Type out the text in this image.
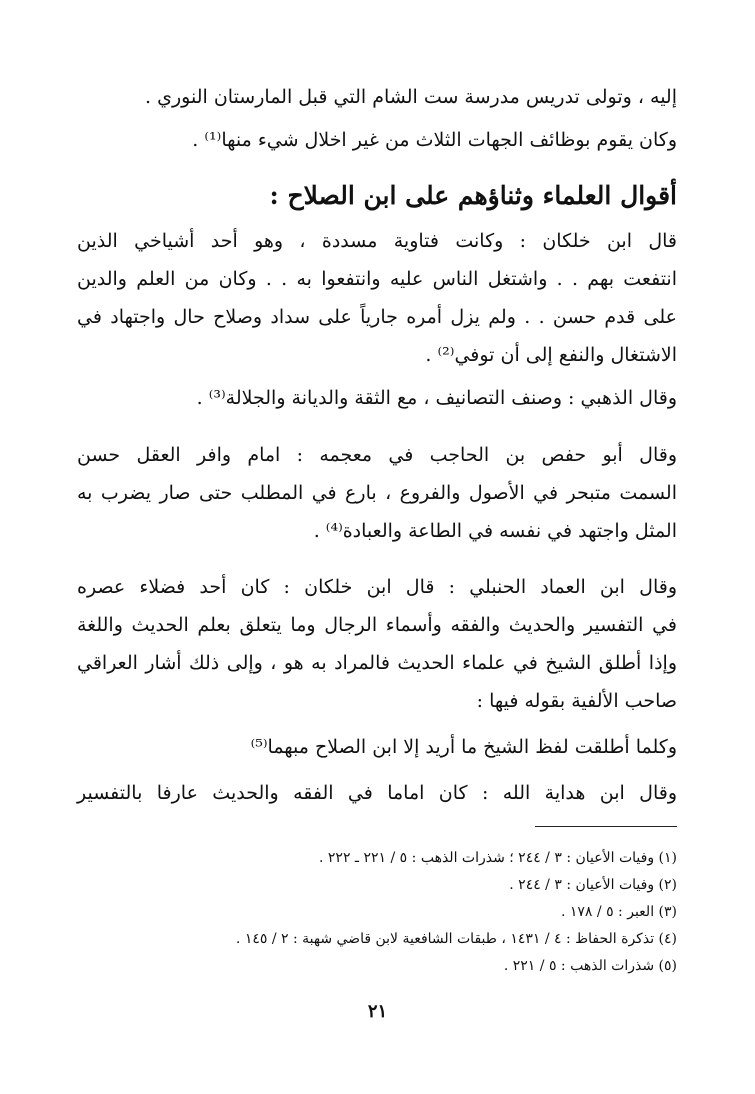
إليه ، وتولى تدريس مدرسة ست الشام التي قبل المارستان النوري .
وكان يقوم بوظائف الجهات الثلاث من غير اخلال شيء منها⁽¹⁾ .
أقوال العلماء وثناؤهم على ابن الصلاح :
قال ابن خلكان : وكانت فتاوية مسددة ، وهو أحد أشياخي الذين
انتفعت بهم . . واشتغل الناس عليه وانتفعوا به . . وكان من العلم والدين
على قدم حسن . . ولم يزل أمره جارياً على سداد وصلاح حال واجتهاد في
الاشتغال والنفع إلى أن توفي⁽²⁾ .
وقال الذهبي : وصنف التصانيف ، مع الثقة والديانة والجلالة⁽³⁾ .
وقال أبو حفص بن الحاجب في معجمه : امام وافر العقل حسن
السمت متبحر في الأصول والفروع ، بارع في المطلب حتى صار يضرب به
المثل واجتهد في نفسه في الطاعة والعبادة⁽⁴⁾ .
وقال ابن العماد الحنبلي : قال ابن خلكان : كان أحد فضلاء عصره
في التفسير والحديث والفقه وأسماء الرجال وما يتعلق بعلم الحديث واللغة
وإذا أطلق الشيخ في علماء الحديث فالمراد به هو ، وإلى ذلك أشار العراقي
صاحب الألفية بقوله فيها :
وكلما أطلقت لفظ الشيخ ما أريد إلا ابن الصلاح مبهما⁽⁵⁾
وقال ابن هداية الله : كان اماما في الفقه والحديث عارفا بالتفسير
(١) وفيات الأعيان : ٣ / ٢٤٤ ؛ شذرات الذهب : ٥ / ٢٢١ ـ ٢٢٢ .
(٢) وفيات الأعيان : ٣ / ٢٤٤ .
(٣) العبر : ٥ / ١٧٨ .
(٤) تذكرة الحفاظ : ٤ / ١٤٣١ ، طبقات الشافعية لابن قاضي شهبة : ٢ / ١٤٥ .
(٥) شذرات الذهب : ٥ / ٢٢١ .
٢١
